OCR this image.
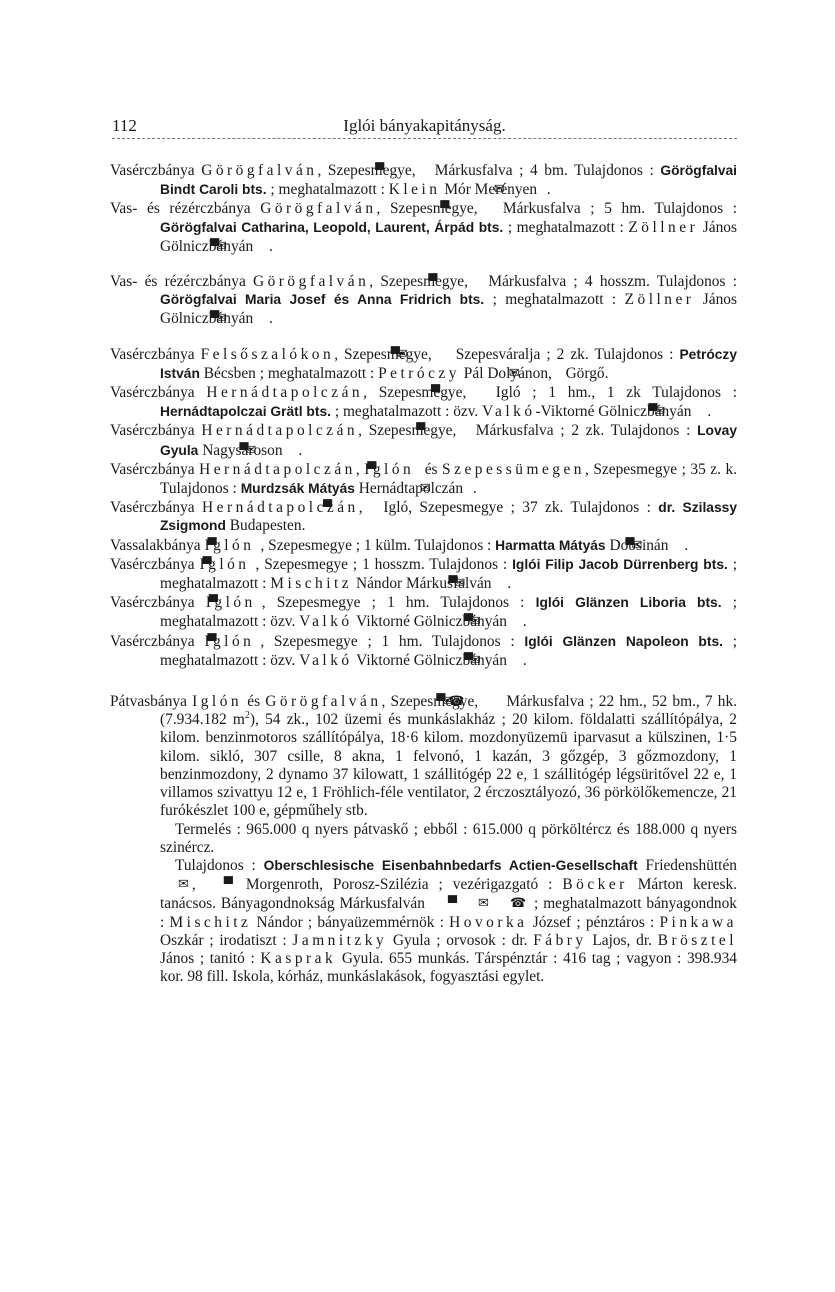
112	Iglói bányakapitányság.

Vasérczbánya Görögfalván, Szepesmegye,  Márkusfalva ; 4 bm. Tulajdonos : Görögfalvai Bindt Caroli bts. ; meghatalmazott : Klein Mór Merényen .

Vas- és rézérczbánya Görögfalván, Szepesmegye,  Márkusfalva ; 5 hm. Tulajdonos : Görögfalvai Catharina, Leopold, Laurent, Árpád bts. ; meghatalmazott : Zöllner János Gölniczbányán .

Vas- és rézérczbánya Görögfalván, Szepesmegye,  Márkusfalva ; 4 hosszm. Tulajdonos : Görögfalvai Maria Josef és Anna Fridrich bts. ; meghatalmazott : Zöllner János Gölniczbányán .

Vasérczbánya Felsőszalókon, Szepesmegye,  Szepesváralja ; 2 zk. Tulajdonos : Petróczy István Bécsben ; meghatalmazott : Petróczy Pál Dolyánon,  Görgő.

Vasérczbánya Hernádtapolczán, Szepesmegye,  Igló ; 1 hm., 1 zk Tulajdonos : Hernádtapolczai Grätl bts. ; meghatalmazott : özv. Valkó-Viktorné Gölniczbányán .

Vasérczbánya Hernádtapolczán, Szepesmegye,  Márkusfalva ; 2 zk. Tulajdonos : Lovay Gyula Nagysároson .

Vasérczbánya Hernádtapolczán, Iglón és Szepessümegen, Szepesmegye ; 35 z. k. Tulajdonos : Murdzsák Mátyás Hernádtapolczán .

Vasérczbánya Hernádtapolczán,  Igló, Szepesmegye ; 37 zk. Tulajdonos : dr. Szilassy Zsigmond Budapesten.

Vassalakbánya Iglón , Szepesmegye ; 1 külm. Tulajdonos : Harmatta Mátyás Dobsinán .

Vasérczbánya Iglón , Szepesmegye ; 1 hosszm. Tulajdonos : Iglói Filip Jacob Dürrenberg bts. ; meghatalmazott : Mischitz Nándor Márkusfalván .

Vasérczbánya Iglón , Szepesmegye ; 1 hm. Tulajdonos : Iglói Glänzen Liboria bts. ; meghatalmazott : özv. Valkó Viktorné Gölniczbányán .

Vasérczbánya Iglón , Szepesmegye ; 1 hm. Tulajdonos : Iglói Glänzen Napoleon bts. ; meghatalmazott : özv. Valkó Viktorné Gölniczbányán .

Pátvasbánya Iglón és Görögfalván, Szepesmegye,  Márkusfalva ; 22 hm., 52 bm., 7 hk. (7.934.182 $m^2$), 54 zk., 102 üzemi és munkáslakház ; 20 kilom. földalatti szállítópálya, 2 kilom. benzinmotoros szállítópálya, 18·6 kilom. mozdonyüzemü iparvasut a külszinen, 1·5 kilom. sikló, 307 csille, 8 akna, 1 felvonó, 1 kazán, 3 gőzgép, 3 gőzmozdony, 1 benzinmozdony, 2 dynamo 37 kilowatt, 1 szállitógép 22 e, 1 szállitógép légsüritővel 22 e, 1 villamos szivattyu 12 e, 1 Fröhlich-féle ventilator, 2 érczosztályozó, 36 pörkölőkemencze, 21 furókészlet 100 e, gépműhely stb.

Termelés : 965.000 q nyers pátvaskő ; ebből : 615.000 q pörköltércz és 188.000 q nyers szinércz.

Tulajdonos : Oberschlesische Eisenbahnbedarfs Actien-Gesellschaft Friedenshüttén ✉, ▀ Morgenroth, Porosz-Szilézia ; vezérigazgató : Böcker Márton keresk. tanácsos. Bányagondnokság Márkusfalván ▀ ✉ ☎	; meghatalmazott bányagondnok : Mischitz Nándor ; bányaüzemmérnök : Hovorka József ; pénztáros : Pinkawa Oszkár ; irodatiszt : Jamnitzky Gyula ; orvosok : dr. Fábry Lajos, dr. Brösztel János ; tanitó : Kasprak Gyula. 655 munkás. Társpénztár : 416 tag ; vagyon : 398.934 kor. 98 fill. Iskola, kórház, munkáslakások, fogyasztási egylet.
